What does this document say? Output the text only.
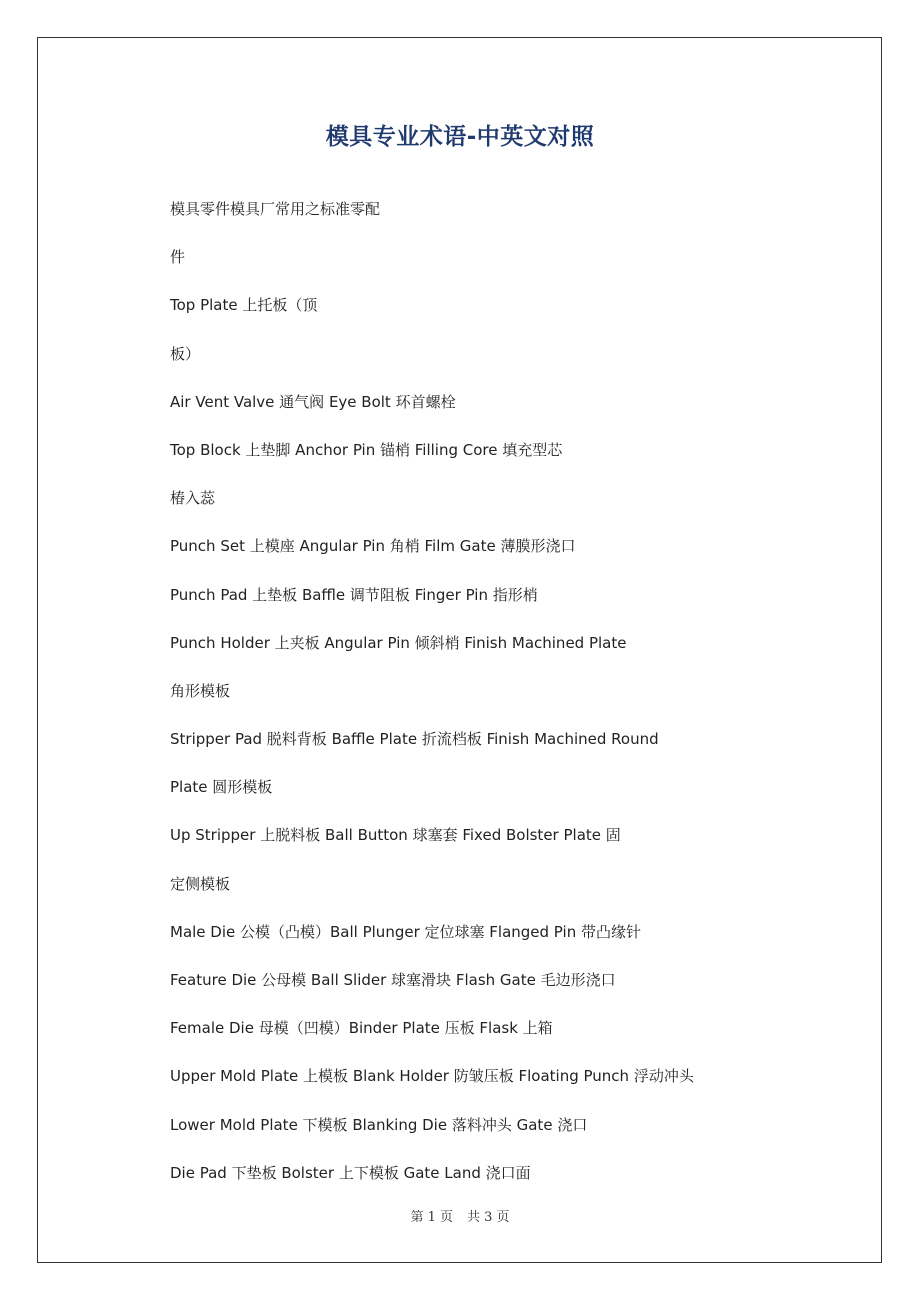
模具专业术语-中英文对照
模具零件模具厂常用之标准零配
件
Top Plate 上托板（顶
板）
Air Vent Valve 通气阀 Eye Bolt 环首螺栓
Top Block 上垫脚 Anchor Pin 锚梢 Filling Core 填充型芯
椿入蕊
Punch Set 上模座 Angular Pin 角梢 Film Gate 薄膜形浇口
Punch Pad 上垫板 Baffle 调节阻板 Finger Pin 指形梢
Punch Holder 上夹板 Angular Pin 倾斜梢 Finish Machined Plate
角形模板
Stripper Pad 脱料背板 Baffle Plate 折流档板 Finish Machined Round
Plate 圆形模板
Up Stripper 上脱料板 Ball Button 球塞套 Fixed Bolster Plate 固
定侧模板
Male Die 公模（凸模）Ball Plunger 定位球塞 Flanged Pin 带凸缘针
Feature Die 公母模 Ball Slider 球塞滑块 Flash Gate 毛边形浇口
Female Die 母模（凹模）Binder Plate 压板 Flask 上箱
Upper Mold Plate 上模板 Blank Holder 防皱压板 Floating Punch 浮动冲头
Lower Mold Plate 下模板 Blanking Die 落料冲头 Gate 浇口
Die Pad 下垫板 Bolster 上下模板 Gate Land 浇口面
第 1 页 共 3 页
